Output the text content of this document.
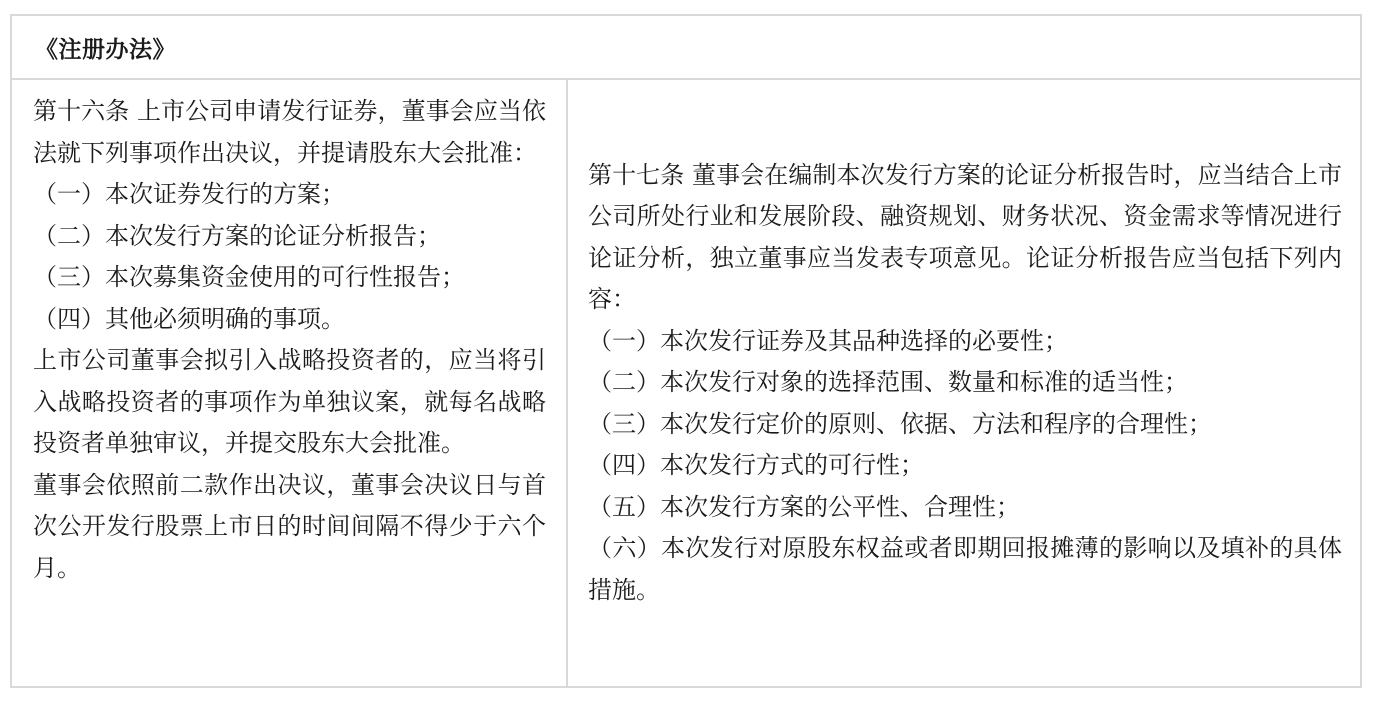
《注册办法》

第十六条 上市公司申请发行证券，董事会应当依法就下列事项作出决议，并提请股东大会批准：

（一）本次证券发行的方案；

（二）本次发行方案的论证分析报告；

（三）本次募集资金使用的可行性报告；

（四）其他必须明确的事项。

上市公司董事会拟引入战略投资者的，应当将引入战略投资者的事项作为单独议案，就每名战略投资者单独审议，并提交股东大会批准。

董事会依照前二款作出决议，董事会决议日与首次公开发行股票上市日的时间间隔不得少于六个月。

第十七条 董事会在编制本次发行方案的论证分析报告时，应当结合上市公司所处行业和发展阶段、融资规划、财务状况、资金需求等情况进行论证分析，独立董事应当发表专项意见。论证分析报告应当包括下列内容：

（一）本次发行证券及其品种选择的必要性；

（二）本次发行对象的选择范围、数量和标准的适当性；

（三）本次发行定价的原则、依据、方法和程序的合理性；

（四）本次发行方式的可行性；

（五）本次发行方案的公平性、合理性；

（六）本次发行对原股东权益或者即期回报摊薄的影响以及填补的具体措施。
